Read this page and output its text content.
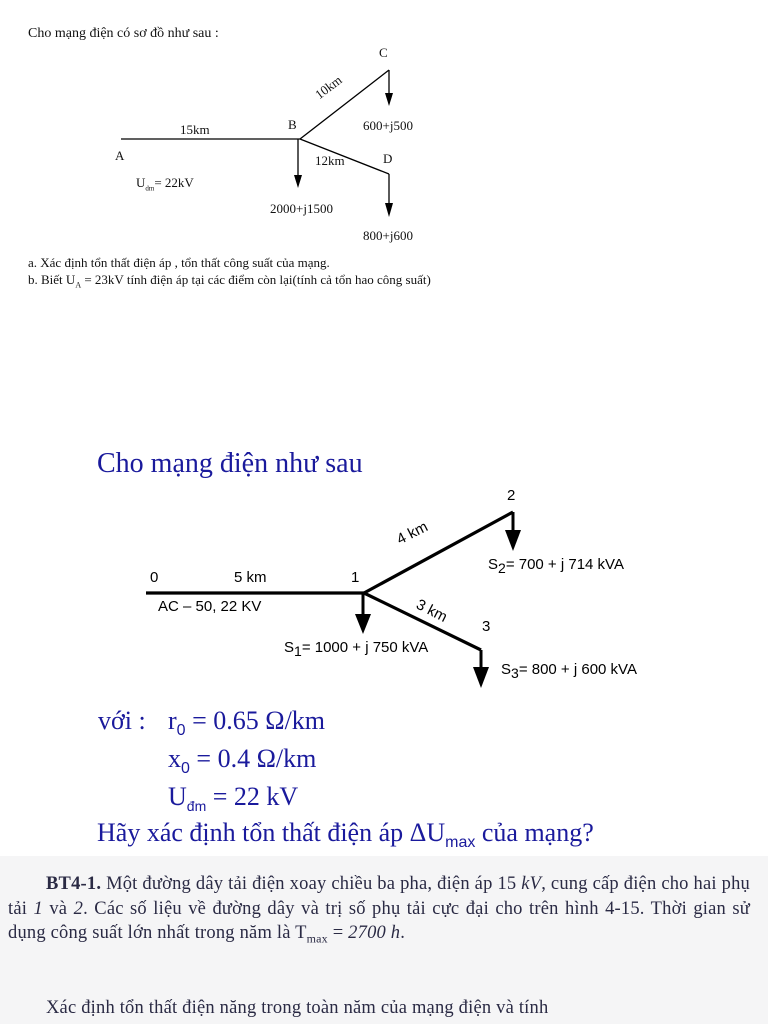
Cho mạng điện có sơ đồ như sau :
C
10km
600+j500
15km	B
A	12km	D
$U_{dm}= 22kV$
2000+j1500
800+j600
a. Xác định tổn thất điện áp , tổn thất công suất của mạng.
b. Biết $U_A = 23kV$ tính điện áp tại các điểm còn lại(tính cả tổn hao công suất)
Cho mạng điện như sau
2
4 km
$S_2= 700 + j$ 714 kVA
0	5 km	1
AC – 50, 22 KV	3 km
3
$S_1= 1000 + j$ 750 kVA
$S_3= 800 + j$ 600 kVA
với : $r_0 = 0.65$ Ω/km
$x_0 = 0.4$ Ω/km
$U_{đm} = 22$ kV
Hãy xác định tổn thất điện áp $\Delta U_{max}$ của mạng?
BT4-1. Một đường dây tải điện xoay chiều ba pha, điện áp 15 kV, cung cấp điện cho hai phụ tải 1 và 2. Các số liệu về đường dây và trị số phụ tải cực đại cho trên hình 4-15. Thời gian sử dụng công suất lớn nhất trong năm là $T_{max} = 2700$ h.
Xác định tổn thất điện năng trong toàn năm của mạng điện và tính
